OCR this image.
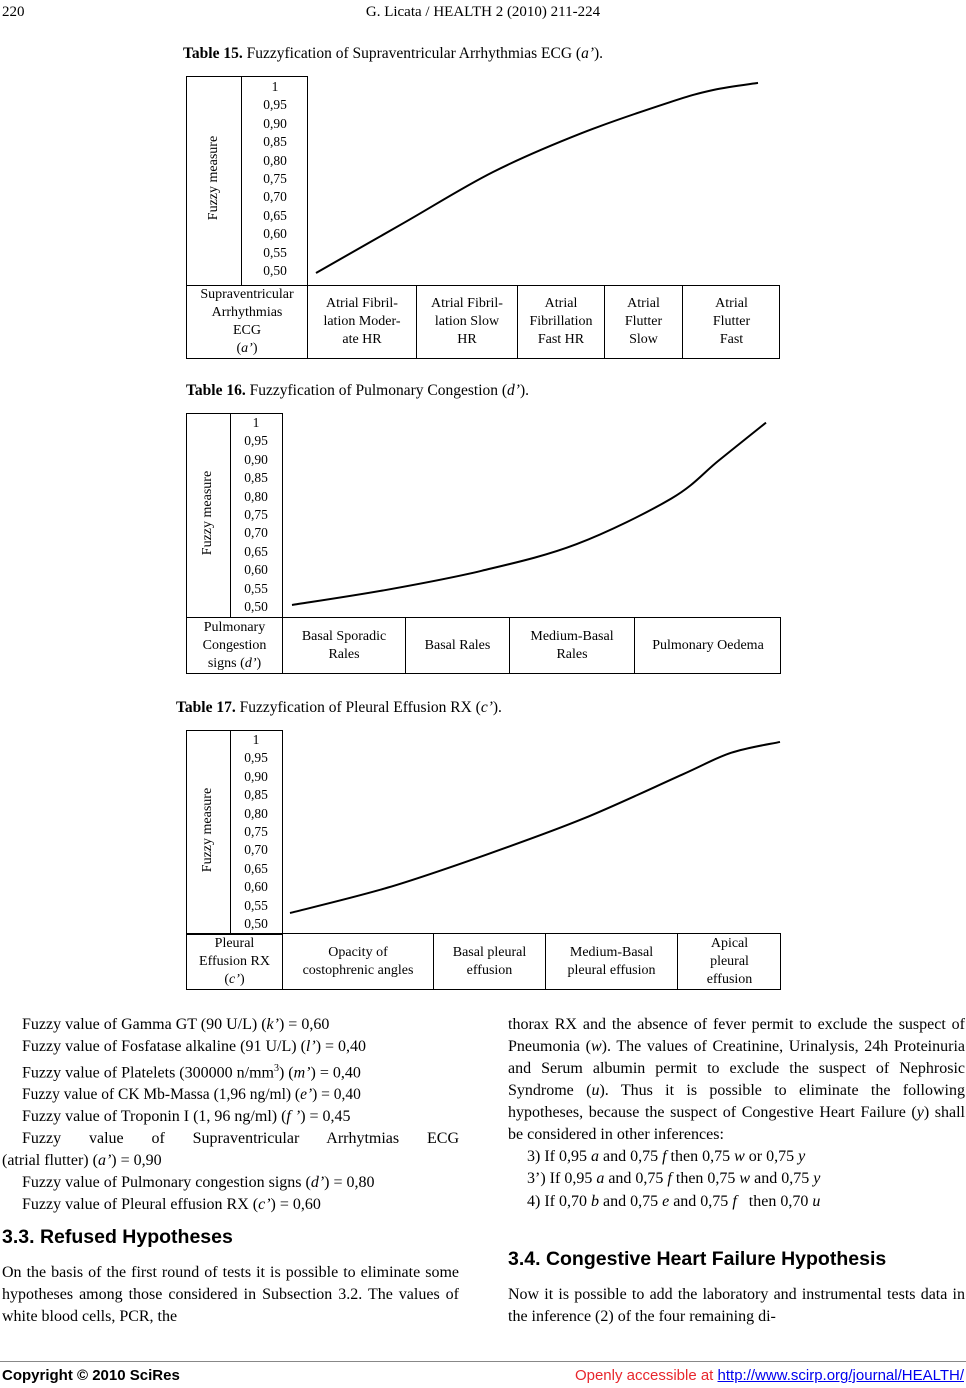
220	G. Licata / HEALTH 2 (2010) 211-224
Table 15. Fuzzyfication of Supraventricular Arrhythmias ECG (a’).
Fuzzy measure
1
0,95
0,90
0,85
0,80
0,75
0,70
0,65
0,60
0,55
0,50
Supraventricular
Arrhythmias
ECG
(a’)
Atrial Fibril-
lation Moder-
ate HR
Atrial Fibril-
lation Slow
HR
Atrial
Fibrillation
Fast HR
Atrial
Flutter
Slow
Atrial
Flutter
Fast
Table 16. Fuzzyfication of Pulmonary Congestion (d’).
Fuzzy measure
1
0,95
0,90
0,85
0,80
0,75
0,70
0,65
0,60
0,55
0,50
Pulmonary
Congestion
signs (d’)
Basal Sporadic
Rales
Basal Rales
Medium-Basal
Rales
Pulmonary Oedema
Table 17. Fuzzyfication of Pleural Effusion RX (c’).
Fuzzy measure
1
0,95
0,90
0,85
0,80
0,75
0,70
0,65
0,60
0,55
0,50
Pleural
Effusion RX
(c’)
Opacity of
costophrenic angles
Basal pleural
effusion
Medium-Basal
pleural effusion
Apical
pleural
effusion
Fuzzy value of Gamma GT (90 U/L) (k’) = 0,60
Fuzzy value of Fosfatase alkaline (91 U/L) (l’) = 0,40
Fuzzy value of Platelets (300000 $n/mm^3$) (m’) = 0,40
Fuzzy value of CK Mb-Massa (1,96 ng/ml) (e’) = 0,40
Fuzzy value of Troponin I (1, 96 ng/ml) (f ’) = 0,45
Fuzzy value of Supraventricular Arrhytmias ECG
(atrial flutter) (a’) = 0,90
Fuzzy value of Pulmonary congestion signs (d’) = 0,80
Fuzzy value of Pleural effusion RX (c’) = 0,60
3.3. Refused Hypotheses

On the basis of the first round of tests it is possible to eliminate some hypotheses among those considered in Subsection 3.2. The values of white blood cells, PCR, the

thorax RX and the absence of fever permit to exclude the suspect of Pneumonia (w). The values of Creatinine, Urinalysis, 24h Proteinuria and Serum albumin permit to exclude the suspect of Nephrosic Syndrome (u). Thus it is possible to eliminate the following hypotheses, because the suspect of Congestive Heart Failure (y) shall be considered in other inferences:

3) If 0,95 a and 0,75 f then 0,75 w or 0,75 y
3’) If 0,95 a and 0,75 f then 0,75 w and 0,75 y
4) If 0,70 b and 0,75 e and 0,75 f   then 0,70 u
3.4. Congestive Heart Failure Hypothesis

Now it is possible to add the laboratory and instrumental tests data in the inference (2) of the four remaining di-

Copyright © 2010 SciRes	Openly accessible at http://www.scirp.org/journal/HEALTH/
